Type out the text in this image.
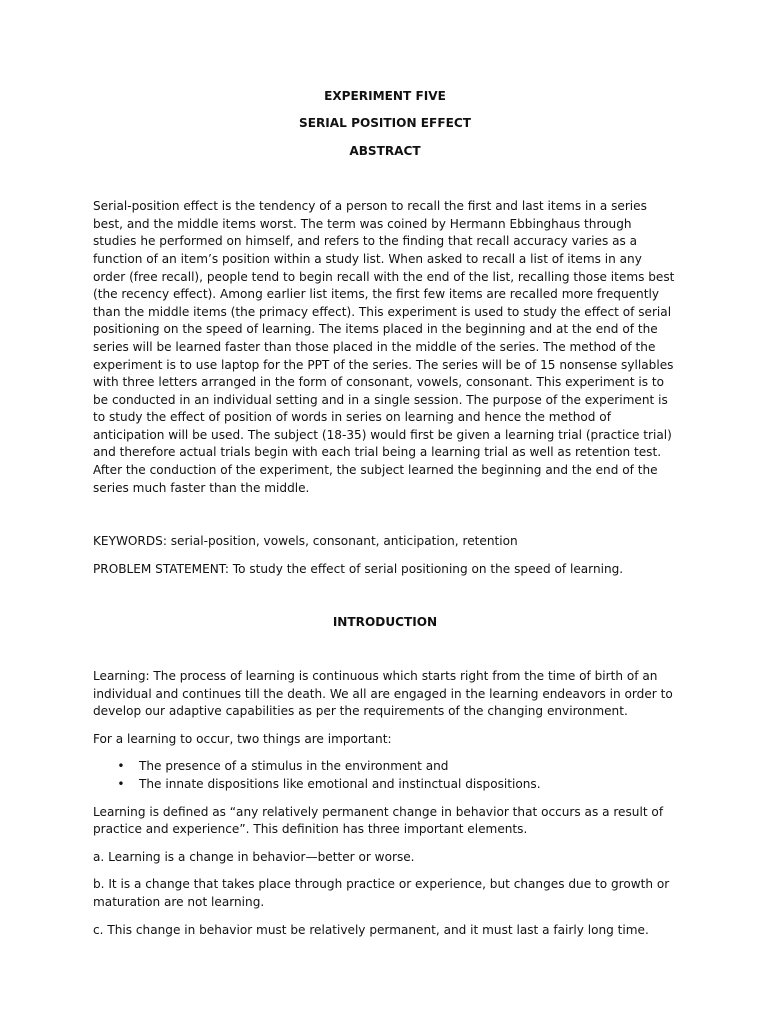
EXPERIMENT FIVE

SERIAL POSITION EFFECT

ABSTRACT

Serial-position effect is the tendency of a person to recall the first and last items in a series best, and the middle items worst. The term was coined by Hermann Ebbinghaus through studies he performed on himself, and refers to the finding that recall accuracy varies as a function of an item’s position within a study list. When asked to recall a list of items in any order (free recall), people tend to begin recall with the end of the list, recalling those items best (the recency effect). Among earlier list items, the first few items are recalled more frequently than the middle items (the primacy effect). This experiment is used to study the effect of serial positioning on the speed of learning. The items placed in the beginning and at the end of the series will be learned faster than those placed in the middle of the series. The method of the experiment is to use laptop for the PPT of the series. The series will be of 15 nonsense syllables with three letters arranged in the form of consonant, vowels, consonant. This experiment is to be conducted in an individual setting and in a single session. The purpose of the experiment is to study the effect of position of words in series on learning and hence the method of anticipation will be used. The subject (18-35) would first be given a learning trial (practice trial) and therefore actual trials begin with each trial being a learning trial as well as retention test. After the conduction of the experiment, the subject learned the beginning and the end of the series much faster than the middle.

KEYWORDS: serial-position, vowels, consonant, anticipation, retention

PROBLEM STATEMENT: To study the effect of serial positioning on the speed of learning.

INTRODUCTION

Learning: The process of learning is continuous which starts right from the time of birth of an individual and continues till the death. We all are engaged in the learning endeavors in order to develop our adaptive capabilities as per the requirements of the changing environment.

For a learning to occur, two things are important:

• The presence of a stimulus in the environment and
• The innate dispositions like emotional and instinctual dispositions.

Learning is defined as “any relatively permanent change in behavior that occurs as a result of practice and experience”. This definition has three important elements.

a. Learning is a change in behavior—better or worse.

b. It is a change that takes place through practice or experience, but changes due to growth or maturation are not learning.

c. This change in behavior must be relatively permanent, and it must last a fairly long time.
